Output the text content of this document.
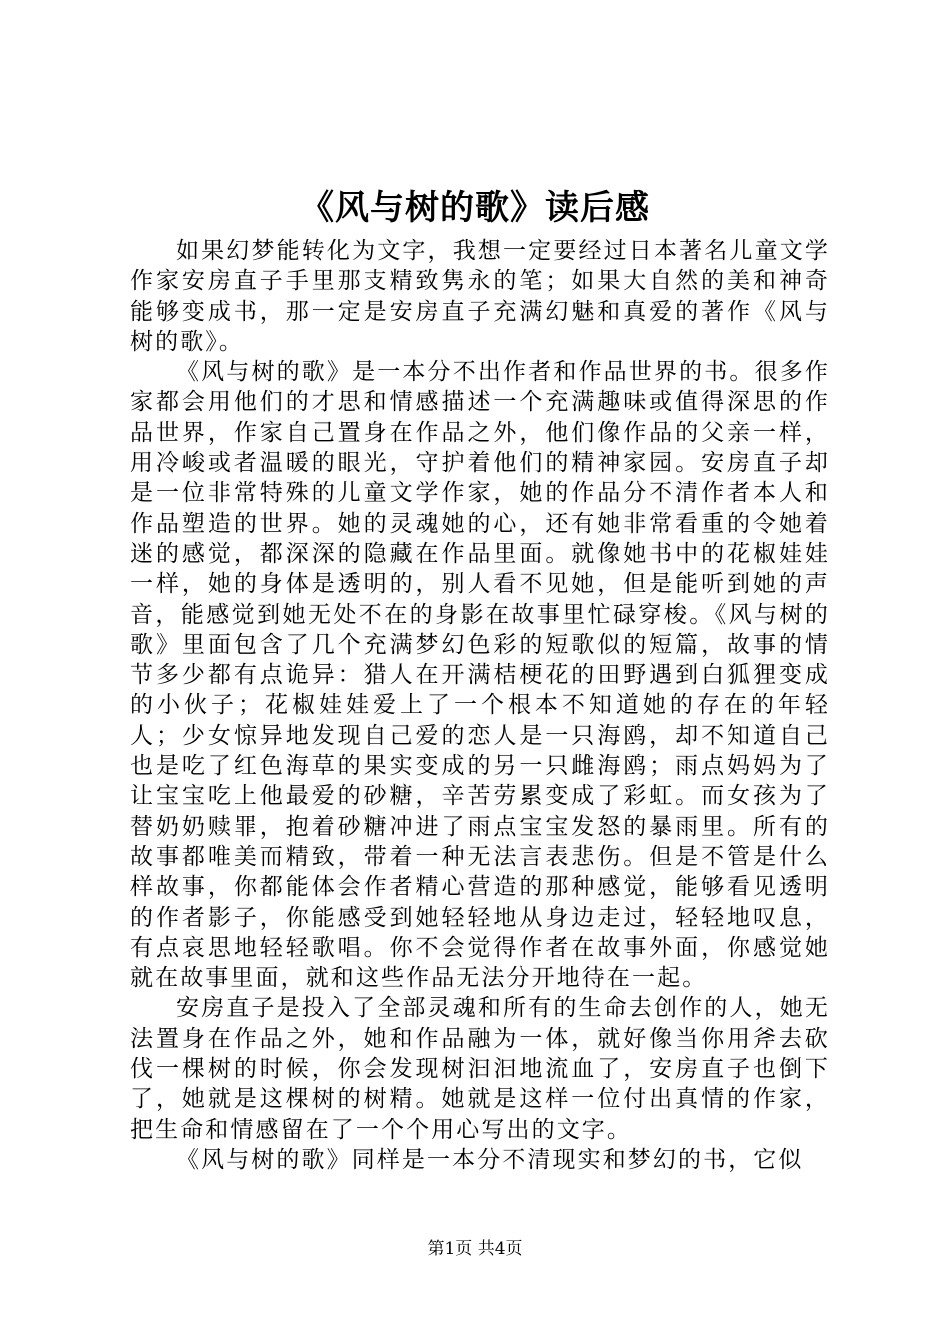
《风与树的歌》读后感

如果幻梦能转化为文字，我想一定要经过日本著名儿童文学作家安房直子手里那支精致隽永的笔；如果大自然的美和神奇能够变成书，那一定是安房直子充满幻魅和真爱的著作《风与树的歌》。

《风与树的歌》是一本分不出作者和作品世界的书。很多作家都会用他们的才思和情感描述一个充满趣味或值得深思的作品世界，作家自己置身在作品之外，他们像作品的父亲一样，用冷峻或者温暖的眼光，守护着他们的精神家园。安房直子却是一位非常特殊的儿童文学作家，她的作品分不清作者本人和作品塑造的世界。她的灵魂她的心，还有她非常看重的令她着迷的感觉，都深深的隐藏在作品里面。就像她书中的花椒娃娃一样，她的身体是透明的，别人看不见她，但是能听到她的声音，能感觉到她无处不在的身影在故事里忙碌穿梭。《风与树的歌》里面包含了几个充满梦幻色彩的短歌似的短篇，故事的情节多少都有点诡异：猎人在开满桔梗花的田野遇到白狐狸变成的小伙子；花椒娃娃爱上了一个根本不知道她的存在的年轻人；少女惊异地发现自己爱的恋人是一只海鸥，却不知道自己也是吃了红色海草的果实变成的另一只雌海鸥；雨点妈妈为了让宝宝吃上他最爱的砂糖，辛苦劳累变成了彩虹。而女孩为了替奶奶赎罪，抱着砂糖冲进了雨点宝宝发怒的暴雨里。所有的故事都唯美而精致，带着一种无法言表悲伤。但是不管是什么样故事，你都能体会作者精心营造的那种感觉，能够看见透明的作者影子，你能感受到她轻轻地从身边走过，轻轻地叹息，有点哀思地轻轻歌唱。你不会觉得作者在故事外面，你感觉她就在故事里面，就和这些作品无法分开地待在一起。

安房直子是投入了全部灵魂和所有的生命去创作的人，她无法置身在作品之外，她和作品融为一体，就好像当你用斧去砍伐一棵树的时候，你会发现树汩汩地流血了，安房直子也倒下了，她就是这棵树的树精。她就是这样一位付出真情的作家，把生命和情感留在了一个个用心写出的文字。

《风与树的歌》同样是一本分不清现实和梦幻的书，它似

第1页 共4页
